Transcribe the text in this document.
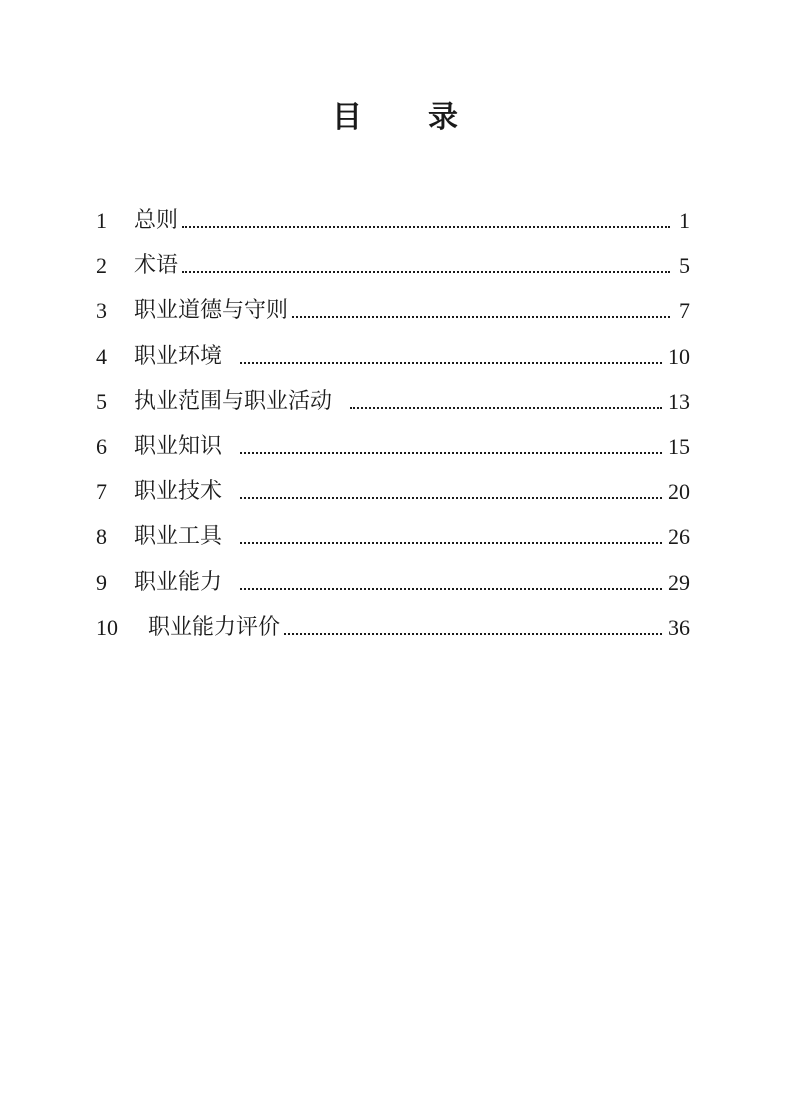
目 录
1	总则	1
2	术语	5
3	职业道德与守则	7
4	职业环境	10
5	执业范围与职业活动	13
6	职业知识	15
7	职业技术	20
8	职业工具	26
9	职业能力	29
10	职业能力评价	36
